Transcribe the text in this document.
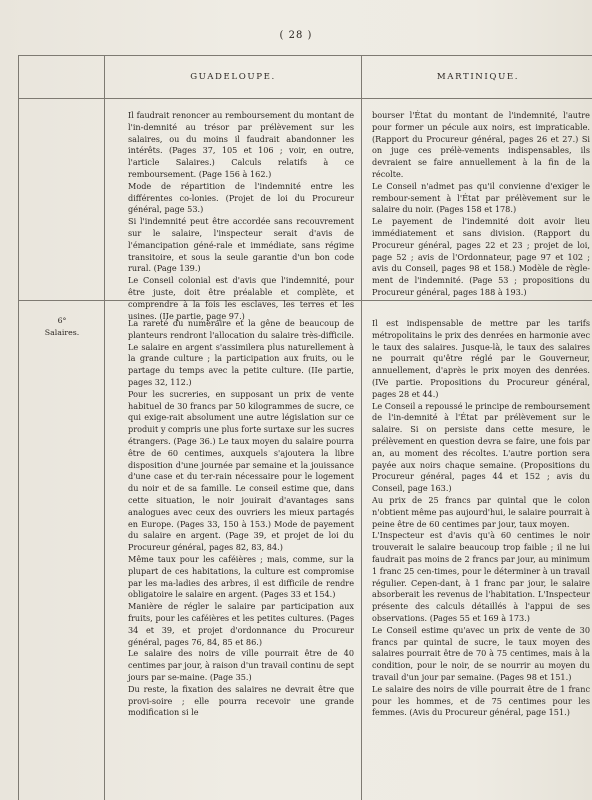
( 28 )
GUADELOUPE.	MARTINIQUE.

Il faudrait renoncer au remboursement du montant de l'in-demnité au trésor par prélèvement sur les salaires, ou du moins il faudrait abandonner les intérêts. (Pages 37, 105 et 106 ; voir, en outre, l'article Salaires.) Calculs relatifs à ce remboursement. (Page 156 à 162.)

Mode de répartition de l'indemnité entre les différentes co-lonies. (Projet de loi du Procureur général, page 53.)

Si l'indemnité peut être accordée sans recouvrement sur le salaire, l'inspecteur serait d'avis de l'émancipation géné-rale et immédiate, sans régime transitoire, et sous la seule garantie d'un bon code rural. (Page 139.)

Le Conseil colonial est d'avis que l'indemnité, pour être juste, doit être préalable et complète, et comprendre à la fois les esclaves, les terres et les usines. (IIe partie, page 97.)

bourser l'État du montant de l'indemnité, l'autre pour former un pécule aux noirs, est impraticable. (Rapport du Procureur général, pages 26 et 27.) Si on juge ces prélè-vements indispensables, ils devraient se faire annuellement à la fin de la récolte.

Le Conseil n'admet pas qu'il convienne d'exiger le rembour-sement à l'État par prélèvement sur le salaire du noir. (Pages 158 et 178.)

Le payement de l'indemnité doit avoir lieu immédiatement et sans division. (Rapport du Procureur général, pages 22 et 23 ; projet de loi, page 52 ; avis de l'Ordonnateur, page 97 et 102 ; avis du Conseil, pages 98 et 158.) Modèle de règle-ment de l'indemnité. (Page 53 ; propositions du Procureur général, pages 188 à 193.)

6°
Salaires.

La rareté du numéraire et la gêne de beaucoup de planteurs rendront l'allocation du salaire très-difficile. Le salaire en argent s'assimilera plus naturellement à la grande culture ; la participation aux fruits, ou le partage du temps avec la petite culture. (IIe partie, pages 32, 112.)

Pour les sucreries, en supposant un prix de vente habituel de 30 francs par 50 kilogrammes de sucre, ce qui exige-rait absolument une autre législation sur ce produit y compris une plus forte surtaxe sur les sucres étrangers. (Page 36.) Le taux moyen du salaire pourra être de 60 centimes, auxquels s'ajoutera la libre disposition d'une journée par semaine et la jouissance d'une case et du ter-rain nécessaire pour le logement du noir et de sa famille. Le conseil estime que, dans cette situation, le noir jouirait d'avantages sans analogues avec ceux des ouvriers les mieux partagés en Europe. (Pages 33, 150 à 153.) Mode de payement du salaire en argent. (Page 39, et projet de loi du Procureur général, pages 82, 83, 84.)

Même taux pour les caféières ; mais, comme, sur la plupart de ces habitations, la culture est compromise par les ma-ladies des arbres, il est difficile de rendre obligatoire le salaire en argent. (Pages 33 et 154.)

Manière de régler le salaire par participation aux fruits, pour les caféières et les petites cultures. (Pages 34 et 39, et projet d'ordonnance du Procureur général, pages 76, 84, 85 et 86.)

Le salaire des noirs de ville pourrait être de 40 centimes par jour, à raison d'un travail continu de sept jours par se-maine. (Page 35.)

Du reste, la fixation des salaires ne devrait être que provi-soire ; elle pourra recevoir une grande modification si le

Il est indispensable de mettre par les tarifs métropolitains le prix des denrées en harmonie avec le taux des salaires. Jusque-là, le taux des salaires ne pourrait qu'être réglé par le Gouverneur, annuellement, d'après le prix moyen des denrées. (IVe partie. Propositions du Procureur général, pages 28 et 44.)

Le Conseil a repoussé le principe de remboursement de l'in-demnité à l'État par prélèvement sur le salaire. Si on persiste dans cette mesure, le prélèvement en question devra se faire, une fois par an, au moment des récoltes. L'autre portion sera payée aux noirs chaque semaine. (Propositions du Procureur général, pages 44 et 152 ; avis du Conseil, page 163.)

Au prix de 25 francs par quintal que le colon n'obtient même pas aujourd'hui, le salaire pourrait à peine être de 60 centimes par jour, taux moyen.

L'Inspecteur est d'avis qu'à 60 centimes le noir trouverait le salaire beaucoup trop faible ; il ne lui faudrait pas moins de 2 francs par jour, au minimum 1 franc 25 cen-times, pour le déterminer à un travail régulier. Cepen-dant, à 1 franc par jour, le salaire absorberait les revenus de l'habitation. L'Inspecteur présente des calculs détaillés à l'appui de ses observations. (Pages 55 et 169 à 173.)

Le Conseil estime qu'avec un prix de vente de 30 francs par quintal de sucre, le taux moyen des salaires pourrait être de 70 à 75 centimes, mais à la condition, pour le noir, de se nourrir au moyen du travail d'un jour par semaine. (Pages 98 et 151.)

Le salaire des noirs de ville pourrait être de 1 franc pour les hommes, et de 75 centimes pour les femmes. (Avis du Procureur général, page 151.)
